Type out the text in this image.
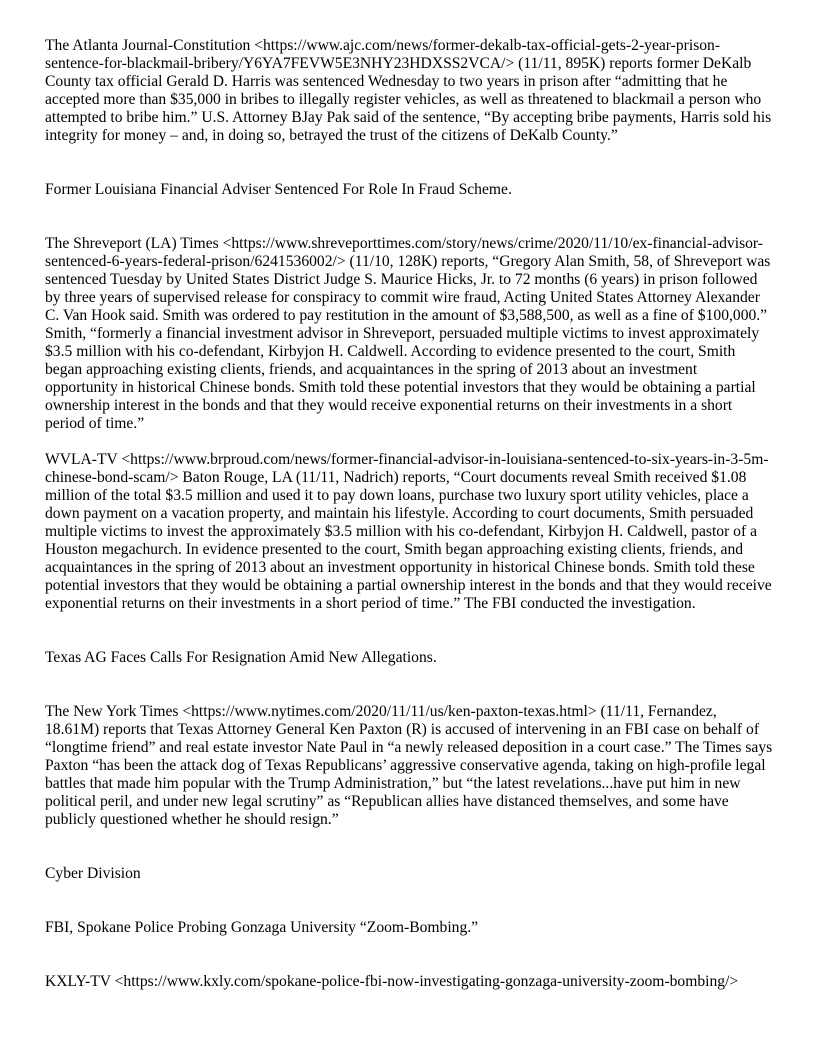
The Atlanta Journal-Constitution <https://www.ajc.com/news/former-dekalb-tax-official-gets-2-year-prison-sentence-for-blackmail-bribery/Y6YA7FEVW5E3NHY23HDXSS2VCA/> (11/11, 895K) reports former DeKalb County tax official Gerald D. Harris was sentenced Wednesday to two years in prison after “admitting that he accepted more than $35,000 in bribes to illegally register vehicles, as well as threatened to blackmail a person who attempted to bribe him.” U.S. Attorney BJay Pak said of the sentence, “By accepting bribe payments, Harris sold his integrity for money – and, in doing so, betrayed the trust of the citizens of DeKalb County.”

Former Louisiana Financial Adviser Sentenced For Role In Fraud Scheme.

The Shreveport (LA) Times <https://www.shreveporttimes.com/story/news/crime/2020/11/10/ex-financial-advisor-sentenced-6-years-federal-prison/6241536002/> (11/10, 128K) reports, “Gregory Alan Smith, 58, of Shreveport was sentenced Tuesday by United States District Judge S. Maurice Hicks, Jr. to 72 months (6 years) in prison followed by three years of supervised release for conspiracy to commit wire fraud, Acting United States Attorney Alexander C. Van Hook said. Smith was ordered to pay restitution in the amount of $3,588,500, as well as a fine of $100,000.” Smith, “formerly a financial investment advisor in Shreveport, persuaded multiple victims to invest approximately $3.5 million with his co-defendant, Kirbyjon H. Caldwell. According to evidence presented to the court, Smith began approaching existing clients, friends, and acquaintances in the spring of 2013 about an investment opportunity in historical Chinese bonds. Smith told these potential investors that they would be obtaining a partial ownership interest in the bonds and that they would receive exponential returns on their investments in a short period of time.”

WVLA-TV <https://www.brproud.com/news/former-financial-advisor-in-louisiana-sentenced-to-six-years-in-3-5m-chinese-bond-scam/> Baton Rouge, LA (11/11, Nadrich) reports, “Court documents reveal Smith received $1.08 million of the total $3.5 million and used it to pay down loans, purchase two luxury sport utility vehicles, place a down payment on a vacation property, and maintain his lifestyle. According to court documents, Smith persuaded multiple victims to invest the approximately $3.5 million with his co-defendant, Kirbyjon H. Caldwell, pastor of a Houston megachurch. In evidence presented to the court, Smith began approaching existing clients, friends, and acquaintances in the spring of 2013 about an investment opportunity in historical Chinese bonds. Smith told these potential investors that they would be obtaining a partial ownership interest in the bonds and that they would receive exponential returns on their investments in a short period of time.” The FBI conducted the investigation.

Texas AG Faces Calls For Resignation Amid New Allegations.

The New York Times <https://www.nytimes.com/2020/11/11/us/ken-paxton-texas.html> (11/11, Fernandez, 18.61M) reports that Texas Attorney General Ken Paxton (R) is accused of intervening in an FBI case on behalf of “longtime friend” and real estate investor Nate Paul in “a newly released deposition in a court case.” The Times says Paxton “has been the attack dog of Texas Republicans’ aggressive conservative agenda, taking on high-profile legal battles that made him popular with the Trump Administration,” but “the latest revelations...have put him in new political peril, and under new legal scrutiny” as “Republican allies have distanced themselves, and some have publicly questioned whether he should resign.”

Cyber Division

FBI, Spokane Police Probing Gonzaga University “Zoom-Bombing.”

KXLY-TV <https://www.kxly.com/spokane-police-fbi-now-investigating-gonzaga-university-zoom-bombing/>
